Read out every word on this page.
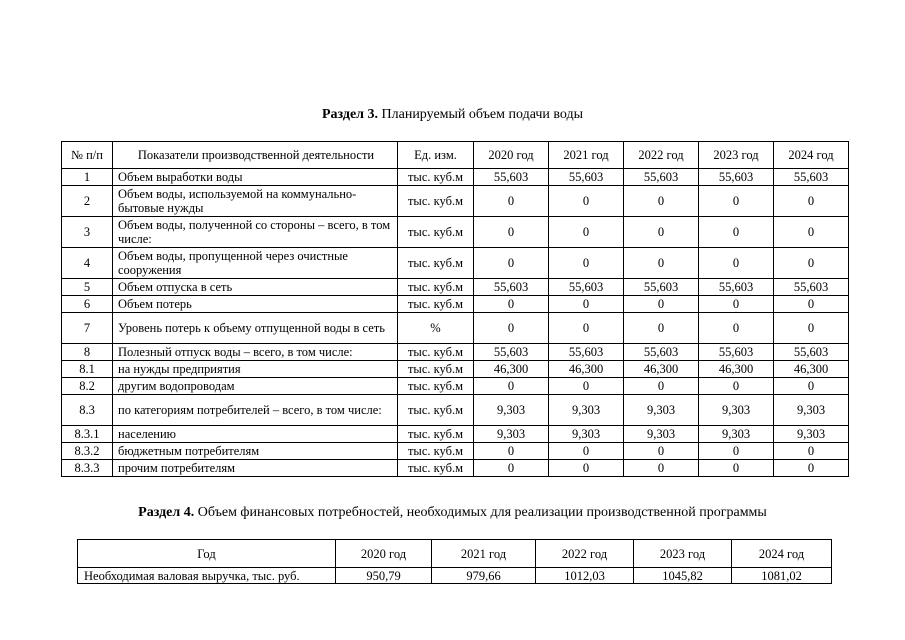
Раздел 3. Планируемый объем подачи воды
№ п/п	Показатели производственной деятельности	Ед. изм.	2020 год	2021 год	2022 год	2023 год	2024 год
1	Объем выработки воды	тыс. куб.м	55,603	55,603	55,603	55,603	55,603
2	Объем воды, используемой на коммунально-бытовые нужды	тыс. куб.м	0	0	0	0	0
3	Объем воды, полученной со стороны – всего, в том числе:	тыс. куб.м	0	0	0	0	0
4	Объем воды, пропущенной через очистные сооружения	тыс. куб.м	0	0	0	0	0
5	Объем отпуска в сеть	тыс. куб.м	55,603	55,603	55,603	55,603	55,603
6	Объем потерь	тыс. куб.м	0	0	0	0	0
7	Уровень потерь к объему отпущенной воды в сеть	%	0	0	0	0	0
8	Полезный отпуск воды – всего, в том числе:	тыс. куб.м	55,603	55,603	55,603	55,603	55,603
8.1	на нужды предприятия	тыс. куб.м	46,300	46,300	46,300	46,300	46,300
8.2	другим водопроводам	тыс. куб.м	0	0	0	0	0
8.3	по категориям потребителей – всего, в том числе:	тыс. куб.м	9,303	9,303	9,303	9,303	9,303
8.3.1	населению	тыс. куб.м	9,303	9,303	9,303	9,303	9,303
8.3.2	бюджетным потребителям	тыс. куб.м	0	0	0	0	0
8.3.3	прочим потребителям	тыс. куб.м	0	0	0	0	0
Раздел 4. Объем финансовых потребностей, необходимых для реализации производственной программы
Год	2020 год	2021 год	2022 год	2023 год	2024 год
Необходимая валовая выручка, тыс. руб.	950,79	979,66	1012,03	1045,82	1081,02
